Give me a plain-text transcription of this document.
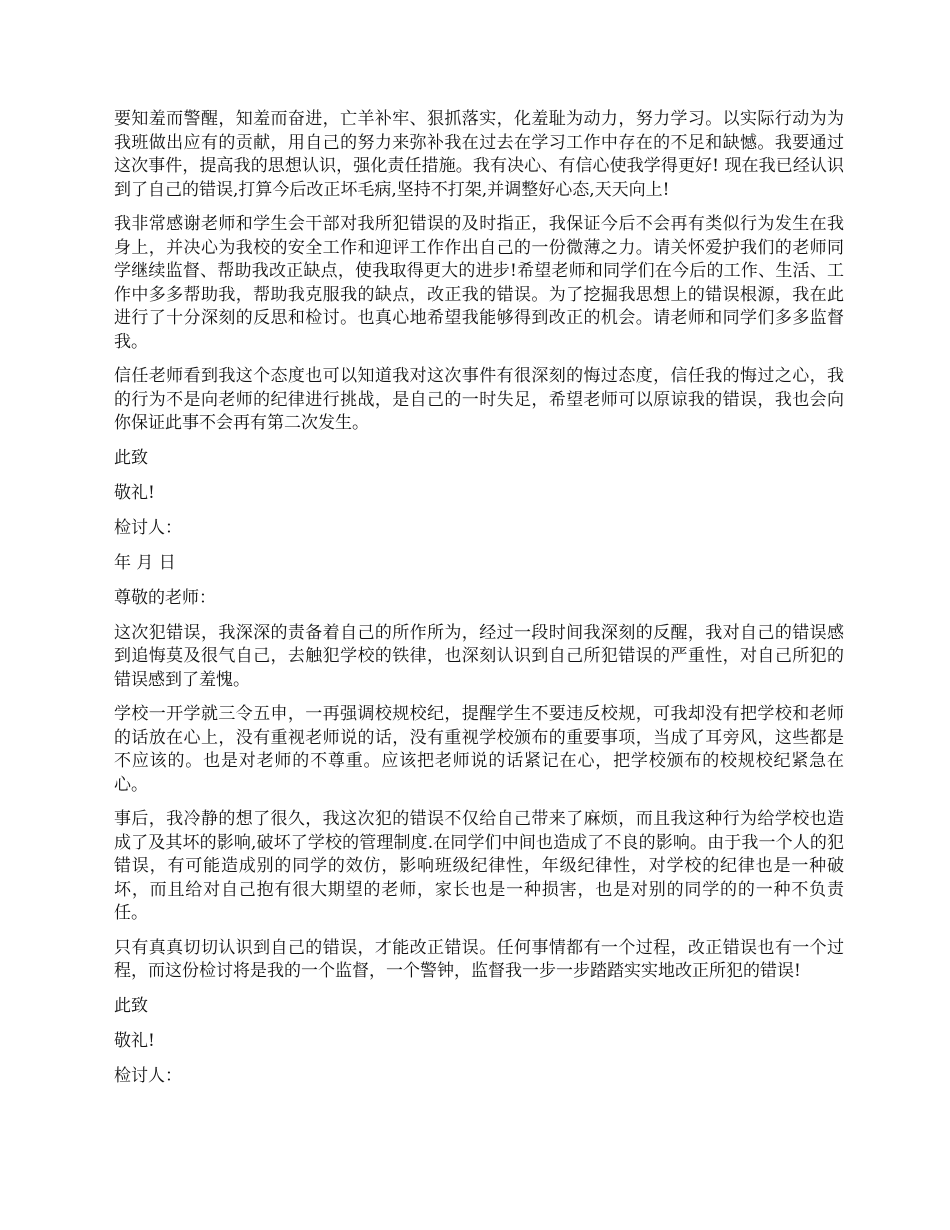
要知羞而警醒，知羞而奋进，亡羊补牢、狠抓落实，化羞耻为动力，努力学习。以实际行动为为我班做出应有的贡献，用自己的努力来弥补我在过去在学习工作中存在的不足和缺憾。我要通过这次事件，提高我的思想认识，强化责任措施。我有决心、有信心使我学得更好! 现在我已经认识到了自己的错误,打算今后改正坏毛病,坚持不打架,并调整好心态,天天向上!

我非常感谢老师和学生会干部对我所犯错误的及时指正，我保证今后不会再有类似行为发生在我身上，并决心为我校的安全工作和迎评工作作出自己的一份微薄之力。请关怀爱护我们的老师同学继续监督、帮助我改正缺点，使我取得更大的进步!希望老师和同学们在今后的工作、生活、工作中多多帮助我，帮助我克服我的缺点，改正我的错误。为了挖掘我思想上的错误根源，我在此进行了十分深刻的反思和检讨。也真心地希望我能够得到改正的机会。请老师和同学们多多监督我。

信任老师看到我这个态度也可以知道我对这次事件有很深刻的悔过态度，信任我的悔过之心，我的行为不是向老师的纪律进行挑战，是自己的一时失足，希望老师可以原谅我的错误，我也会向你保证此事不会再有第二次发生。

此致

敬礼!

检讨人：

年 月 日

尊敬的老师：

这次犯错误，我深深的责备着自己的所作所为，经过一段时间我深刻的反醒，我对自己的错误感到追悔莫及很气自己，去触犯学校的铁律，也深刻认识到自己所犯错误的严重性，对自己所犯的错误感到了羞愧。

学校一开学就三令五申，一再强调校规校纪，提醒学生不要违反校规，可我却没有把学校和老师的话放在心上，没有重视老师说的话，没有重视学校颁布的重要事项，当成了耳旁风，这些都是不应该的。也是对老师的不尊重。应该把老师说的话紧记在心，把学校颁布的校规校纪紧急在心。

事后，我冷静的想了很久，我这次犯的错误不仅给自己带来了麻烦，而且我这种行为给学校也造成了及其坏的影响,破坏了学校的管理制度.在同学们中间也造成了不良的影响。由于我一个人的犯错误，有可能造成别的同学的效仿，影响班级纪律性，年级纪律性，对学校的纪律也是一种破坏，而且给对自己抱有很大期望的老师，家长也是一种损害，也是对别的同学的的一种不负责任。

只有真真切切认识到自己的错误，才能改正错误。任何事情都有一个过程，改正错误也有一个过程，而这份检讨将是我的一个监督，一个警钟，监督我一步一步踏踏实实地改正所犯的错误!

此致

敬礼!

检讨人：
